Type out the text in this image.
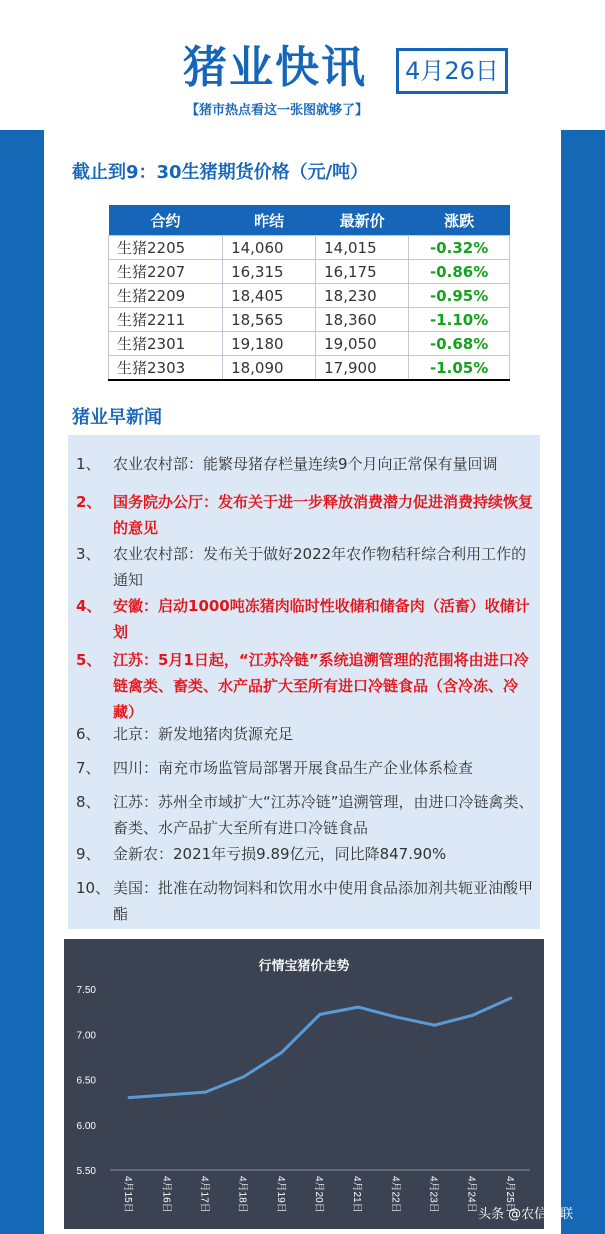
猪业快讯	4月26日
【猪市热点看这一张图就够了】
截止到9：30生猪期货价格（元/吨）
合约	昨结	最新价	涨跌
生猪2205	14,060	14,015	-0.32%
生猪2207	16,315	16,175	-0.86%
生猪2209	18,405	18,230	-0.95%
生猪2211	18,565	18,360	-1.10%
生猪2301	19,180	19,050	-0.68%
生猪2303	18,090	17,900	-1.05%
猪业早新闻
1、 农业农村部：能繁母猪存栏量连续9个月向正常保有量回调
2、 国务院办公厅：发布关于进一步释放消费潜力促进消费持续恢复的意见
3、 农业农村部：发布关于做好2022年农作物秸秆综合利用工作的通知
4、 安徽：启动1000吨冻猪肉临时性收储和储备肉（活畜）收储计划
5、 江苏：5月1日起，“江苏冷链”系统追溯管理的范围将由进口冷链禽类、畜类、水产品扩大至所有进口冷链食品（含冷冻、冷藏）
6、 北京：新发地猪肉货源充足
7、 四川：南充市场监管局部署开展食品生产企业体系检查
8、 江苏：苏州全市域扩大“江苏冷链”追溯管理，由进口冷链禽类、畜类、水产品扩大至所有进口冷链食品
9、 金新农：2021年亏损9.89亿元，同比降847.90%
10、 美国：批准在动物饲料和饮用水中使用食品添加剂共轭亚油酸甲酯
行情宝猪价走势
5.50
6.00
6.50
7.00
7.50
4月15日	4月16日	4月17日	4月18日	4月19日	4月20日	4月21日	4月22日	4月23日	4月24日	4月25日
头条 @农信互联
